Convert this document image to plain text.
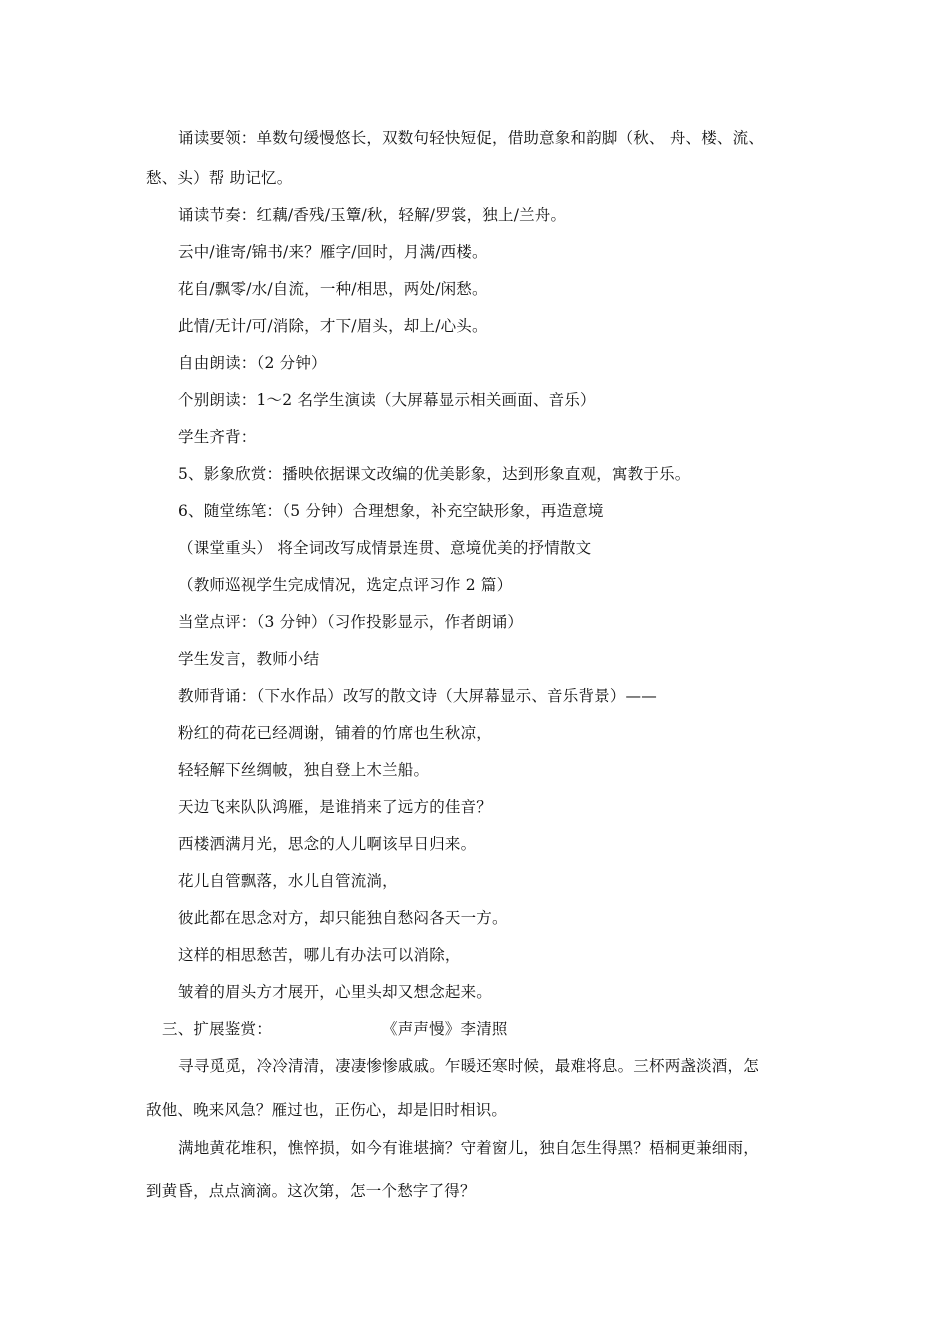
诵读要领：单数句缓慢悠长，双数句轻快短促，借助意象和韵脚（秋、 舟、楼、流、
愁、头）帮 助记忆。
诵读节奏：红藕/香残/玉簟/秋，轻解/罗裳，独上/兰舟。
云中/谁寄/锦书/来？雁字/回时，月满/西楼。
花自/飘零/水/自流，一种/相思，两处/闲愁。
此情/无计/可/消除，才下/眉头，却上/心头。
自由朗读：（2 分钟）
个别朗读：1～2 名学生演读（大屏幕显示相关画面、音乐）
学生齐背：
5、影象欣赏：播映依据课文改编的优美影象，达到形象直观，寓教于乐。
6、随堂练笔：（5 分钟）合理想象，补充空缺形象，再造意境
（课堂重头） 将全词改写成情景连贯、意境优美的抒情散文
（教师巡视学生完成情况，选定点评习作 2 篇）
当堂点评：（3 分钟）（习作投影显示，作者朗诵）
学生发言，教师小结
教师背诵：（下水作品）改写的散文诗（大屏幕显示、音乐背景）——
粉红的荷花已经凋谢，铺着的竹席也生秋凉，
轻轻解下丝绸帔，独自登上木兰船。
天边飞来队队鸿雁，是谁捎来了远方的佳音？
西楼洒满月光，思念的人儿啊该早日归来。
花儿自管飘落，水儿自管流淌，
彼此都在思念对方，却只能独自愁闷各天一方。
这样的相思愁苦，哪儿有办法可以消除，
皱着的眉头方才展开，心里头却又想念起来。
三、扩展鉴赏：	《声声慢》李清照
寻寻觅觅，冷冷清清，凄凄惨惨戚戚。乍暖还寒时候，最难将息。三杯两盏淡酒，怎
敌他、晚来风急？雁过也，正伤心，却是旧时相识。
满地黄花堆积，憔悴损，如今有谁堪摘？守着窗儿，独自怎生得黑？梧桐更兼细雨，
到黄昏，点点滴滴。这次第，怎一个愁字了得？
